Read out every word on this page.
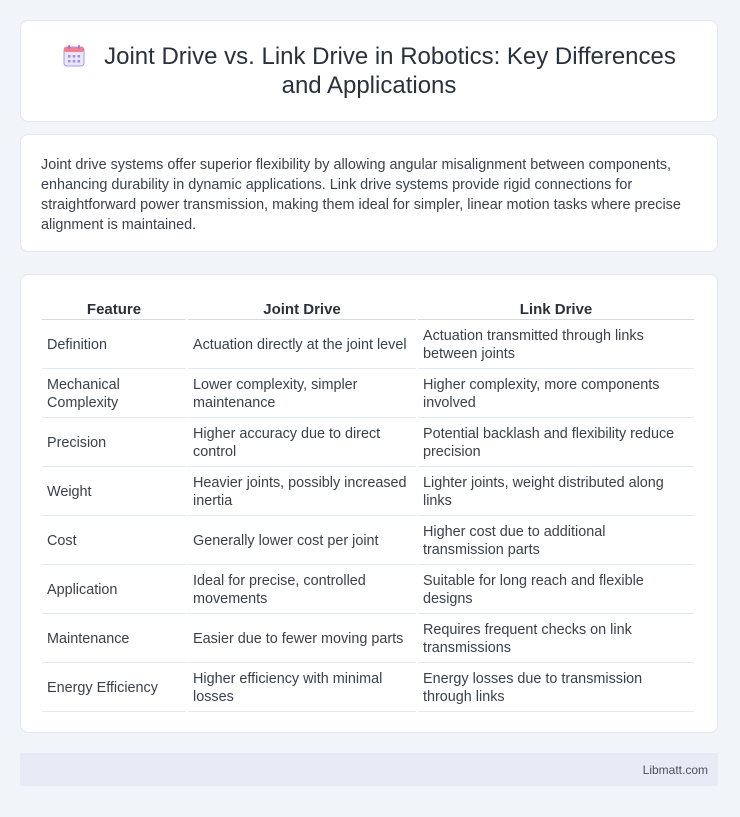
Joint Drive vs. Link Drive in Robotics: Key Differences and Applications
Joint drive systems offer superior flexibility by allowing angular misalignment between components, enhancing durability in dynamic applications. Link drive systems provide rigid connections for straightforward power transmission, making them ideal for simpler, linear motion tasks where precise alignment is maintained.
Feature	Joint Drive	Link Drive
Definition	Actuation directly at the joint level	Actuation transmitted through links between joints
Mechanical Complexity	Lower complexity, simpler maintenance	Higher complexity, more components involved
Precision	Higher accuracy due to direct control	Potential backlash and flexibility reduce precision
Weight	Heavier joints, possibly increased inertia	Lighter joints, weight distributed along links
Cost	Generally lower cost per joint	Higher cost due to additional transmission parts
Application	Ideal for precise, controlled movements	Suitable for long reach and flexible designs
Maintenance	Easier due to fewer moving parts	Requires frequent checks on link transmissions
Energy Efficiency	Higher efficiency with minimal losses	Energy losses due to transmission through links
Libmatt.com
